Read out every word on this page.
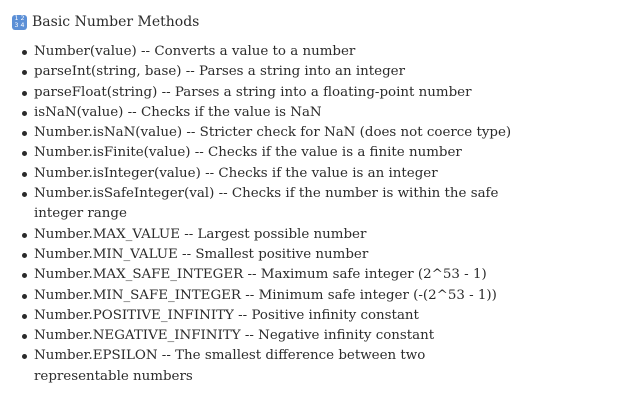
1 2
3 4 Basic Number Methods
Number(value) -- Converts a value to a number
parseInt(string, base) -- Parses a string into an integer
parseFloat(string) -- Parses a string into a floating-point number
isNaN(value) -- Checks if the value is NaN
Number.isNaN(value) -- Stricter check for NaN (does not coerce type)
Number.isFinite(value) -- Checks if the value is a finite number
Number.isInteger(value) -- Checks if the value is an integer
Number.isSafeInteger(val) -- Checks if the number is within the safe integer range
Number.MAX_VALUE -- Largest possible number
Number.MIN_VALUE -- Smallest positive number
Number.MAX_SAFE_INTEGER -- Maximum safe integer (2^53 - 1)
Number.MIN_SAFE_INTEGER -- Minimum safe integer (-(2^53 - 1))
Number.POSITIVE_INFINITY -- Positive infinity constant
Number.NEGATIVE_INFINITY -- Negative infinity constant
Number.EPSILON -- The smallest difference between two representable numbers
